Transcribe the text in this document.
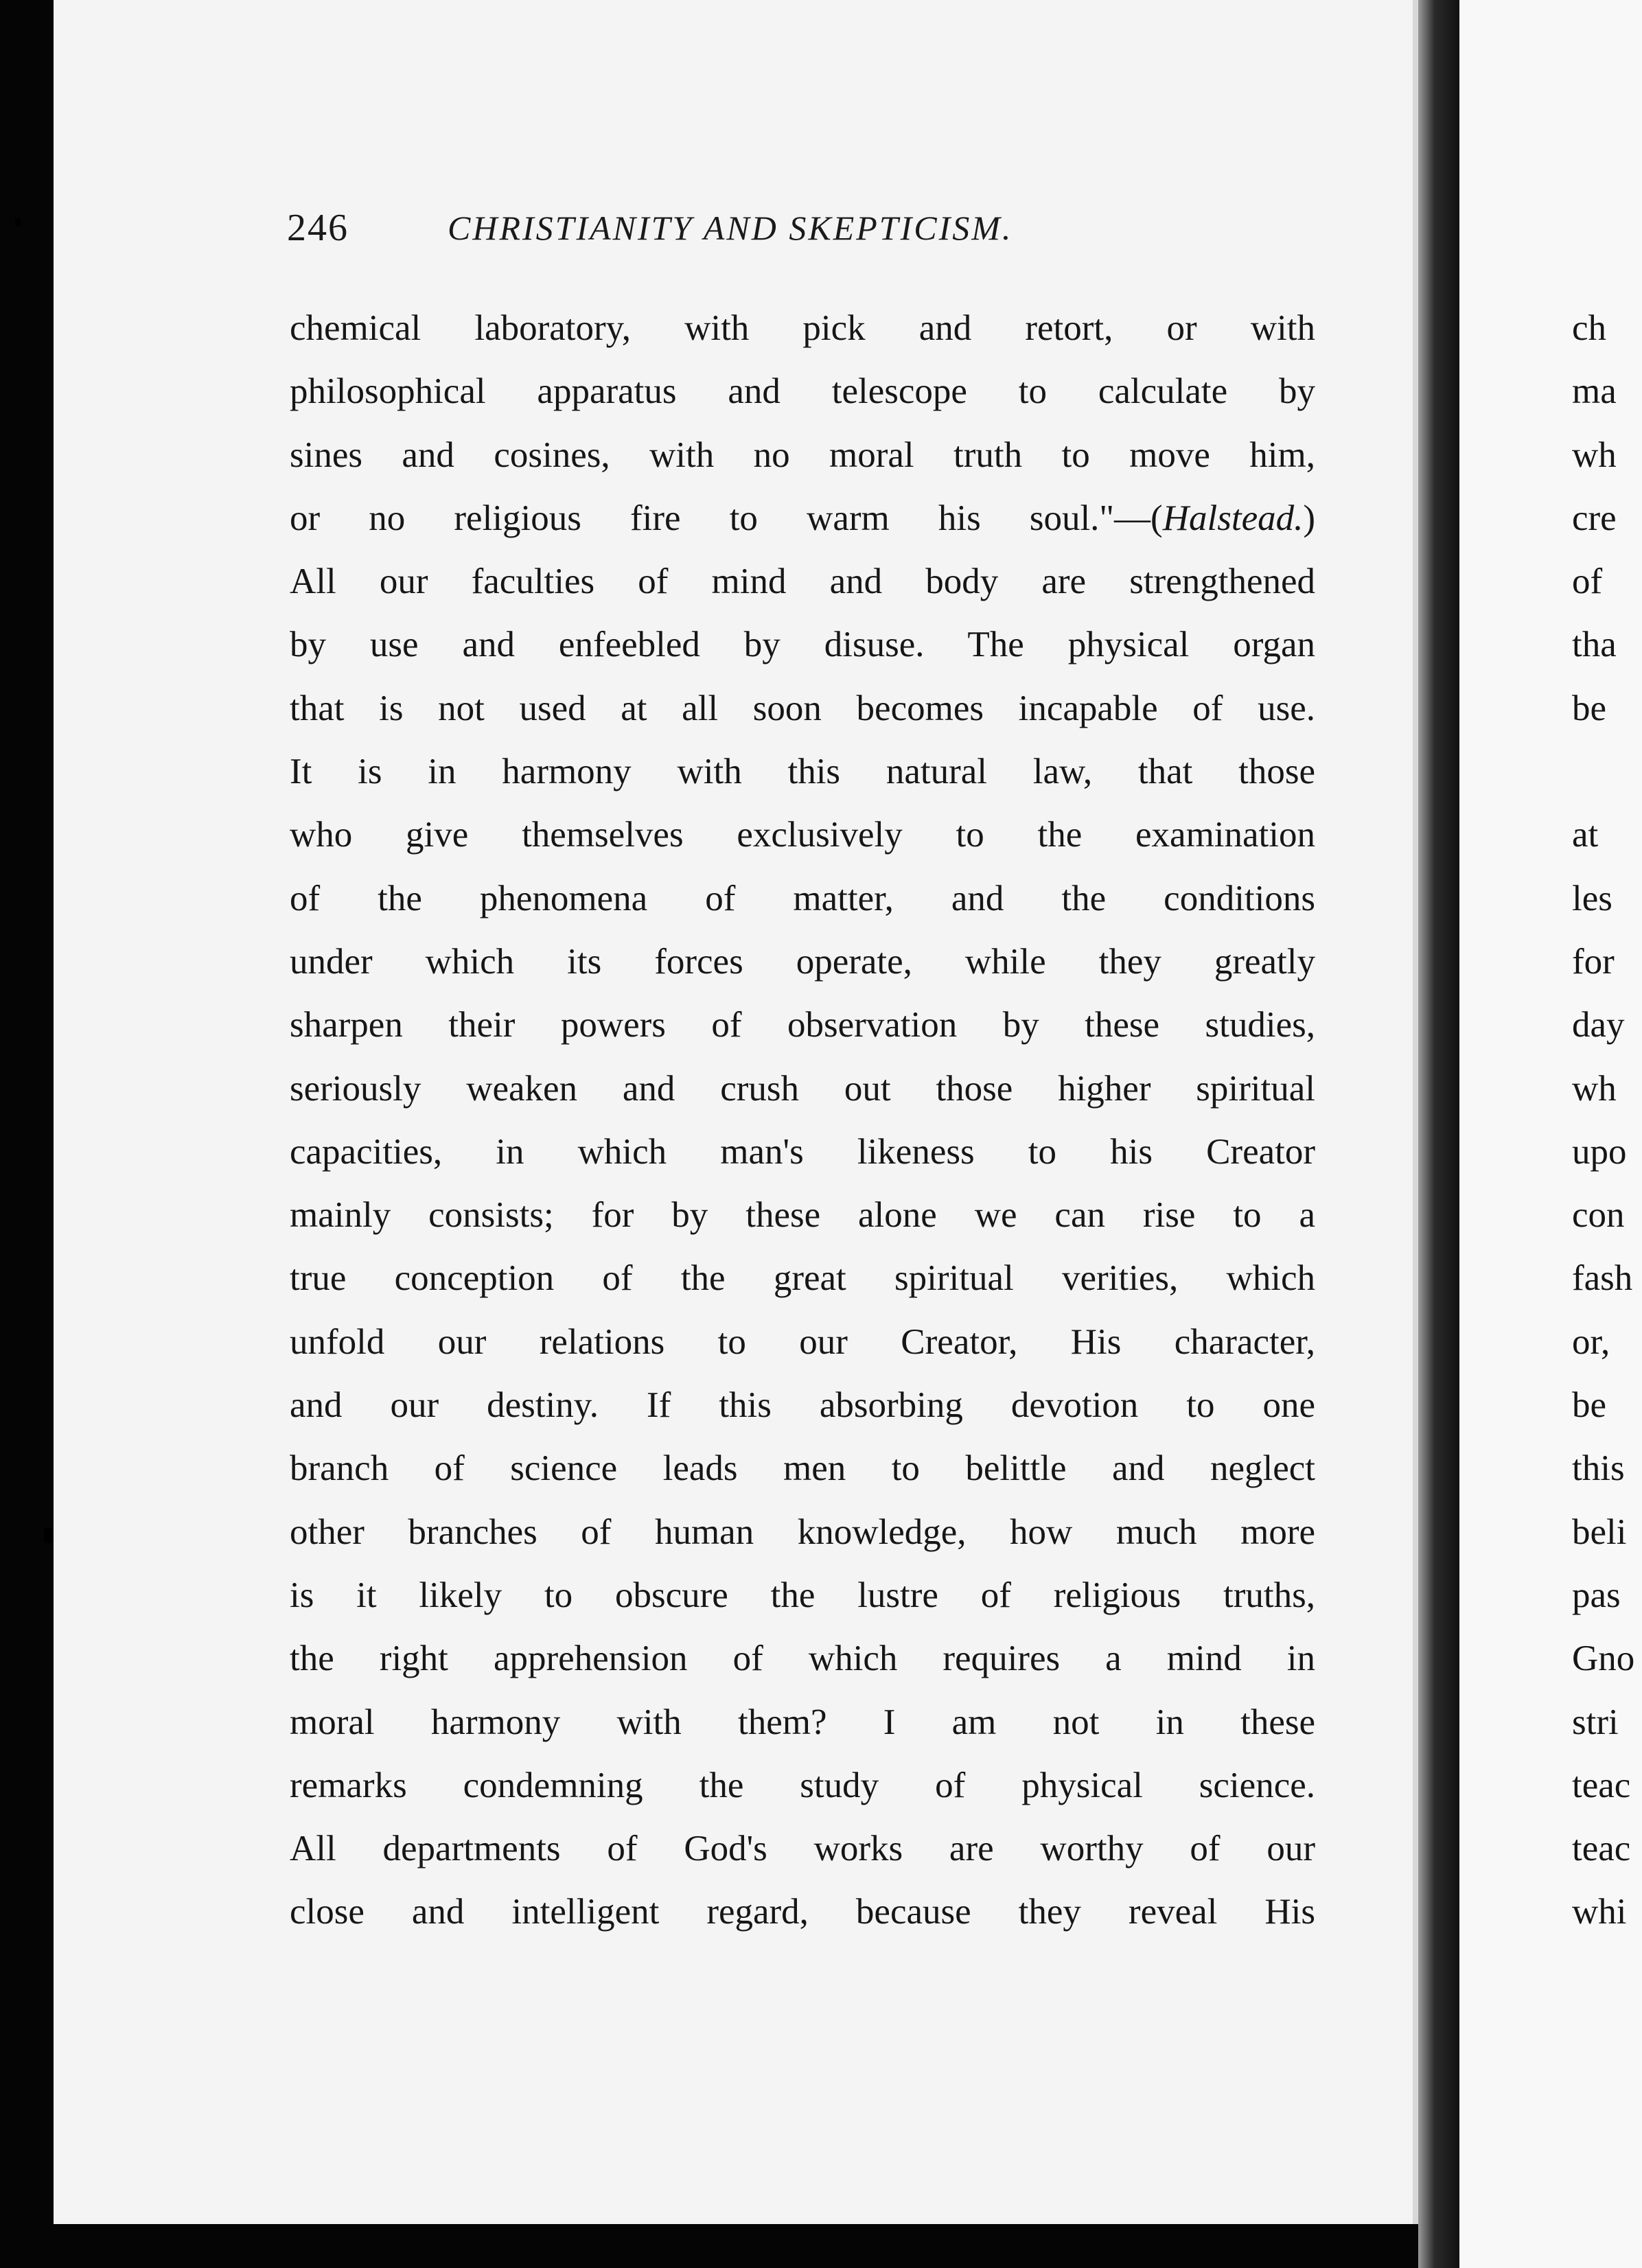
246	CHRISTIANITY AND SKEPTICISM.
chemical laboratory, with pick and retort, or with
philosophical apparatus and telescope to calculate by
sines and cosines, with no moral truth to move him,
or no religious fire to warm his soul."—(Halstead.)
All our faculties of mind and body are strengthened
by use and enfeebled by disuse. The physical organ
that is not used at all soon becomes incapable of use.
It is in harmony with this natural law, that those
who give themselves exclusively to the examination
of the phenomena of matter, and the conditions
under which its forces operate, while they greatly
sharpen their powers of observation by these studies,
seriously weaken and crush out those higher spiritual
capacities, in which man's likeness to his Creator
mainly consists; for by these alone we can rise to a
true conception of the great spiritual verities, which
unfold our relations to our Creator, His character,
and our destiny. If this absorbing devotion to one
branch of science leads men to belittle and neglect
other branches of human knowledge, how much more
is it likely to obscure the lustre of religious truths,
the right apprehension of which requires a mind in
moral harmony with them? I am not in these
remarks condemning the study of physical science.
All departments of God's works are worthy of our
close and intelligent regard, because they reveal His
ch
ma
wh
cre
of
tha
be
at
les
for
day
wh
upo
con
fash
or,
be
this
beli
pas
Gno
stri
teac
teac
whi
